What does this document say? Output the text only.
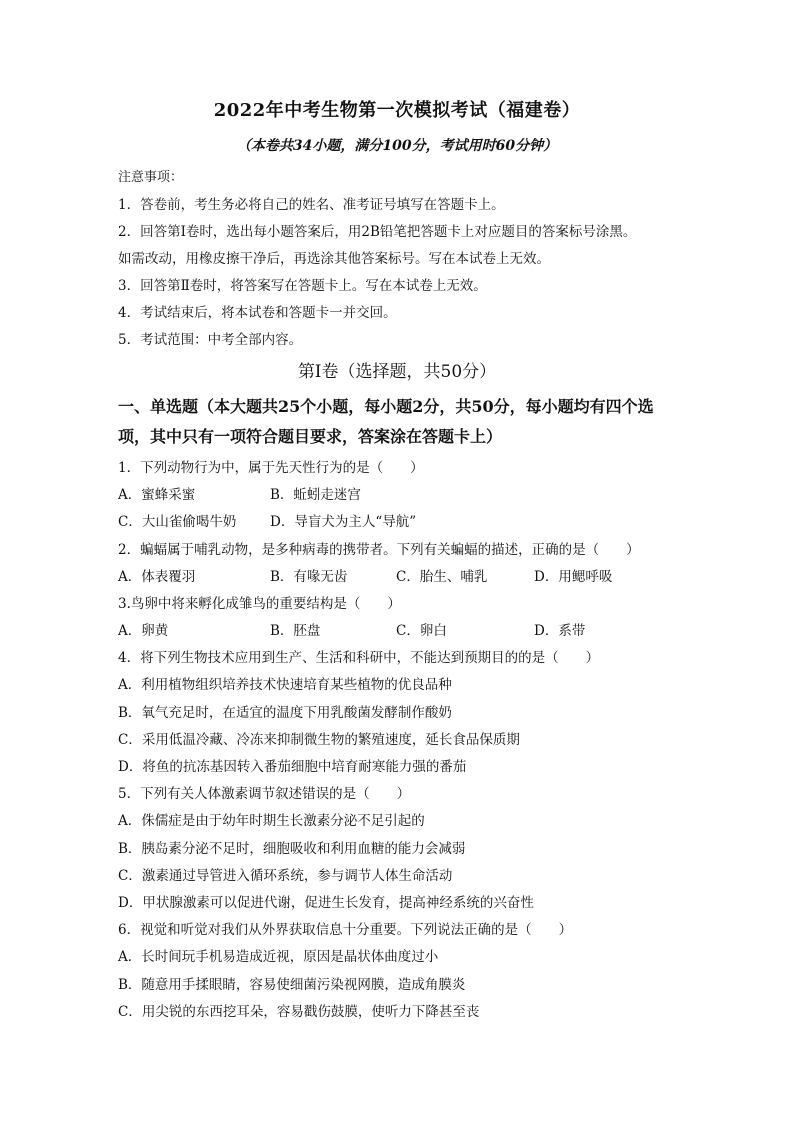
2022年中考生物第一次模拟考试（福建卷）
（本卷共34小题，满分100分，考试用时60分钟）
注意事项：
1．答卷前，考生务必将自己的姓名、准考证号填写在答题卡上。
2．回答第Ⅰ卷时，选出每小题答案后，用2B铅笔把答题卡上对应题目的答案标号涂黑。
如需改动，用橡皮擦干净后，再选涂其他答案标号。写在本试卷上无效。
3．回答第Ⅱ卷时，将答案写在答题卡上。写在本试卷上无效。
4．考试结束后，将本试卷和答题卡一并交回。
5．考试范围：中考全部内容。
第Ⅰ卷（选择题，共50分）
一、单选题（本大题共25个小题，每小题2分，共50分，每小题均有四个选
项，其中只有一项符合题目要求，答案涂在答题卡上）
1．下列动物行为中，属于先天性行为的是（　　）
A．蜜蜂采蜜	B．蚯蚓走迷宫
C．大山雀偷喝牛奶 D．导盲犬为主人“导航”
2．蝙蝠属于哺乳动物，是多种病毒的携带者。下列有关蝙蝠的描述，正确的是（　　）
A．体表覆羽	B．有喙无齿	C．胎生、哺乳	D．用鳃呼吸
3.鸟卵中将来孵化成雏鸟的重要结构是（　　）
A．卵黄	B．胚盘	C．卵白	D．系带
4．将下列生物技术应用到生产、生活和科研中，不能达到预期目的的是（　　）
A．利用植物组织培养技术快速培育某些植物的优良品种
B．氧气充足时，在适宜的温度下用乳酸菌发酵制作酸奶
C．采用低温冷藏、冷冻来抑制微生物的繁殖速度，延长食品保质期
D．将鱼的抗冻基因转入番茄细胞中培育耐寒能力强的番茄
5．下列有关人体激素调节叙述错误的是（　　）
A．侏儒症是由于幼年时期生长激素分泌不足引起的
B．胰岛素分泌不足时，细胞吸收和利用血糖的能力会减弱
C．激素通过导管进入循环系统，参与调节人体生命活动
D．甲状腺激素可以促进代谢，促进生长发育，提高神经系统的兴奋性
6．视觉和听觉对我们从外界获取信息十分重要。下列说法正确的是（　　）
A．长时间玩手机易造成近视，原因是晶状体曲度过小
B．随意用手揉眼睛，容易使细菌污染视网膜，造成角膜炎
C．用尖锐的东西挖耳朵，容易戳伤鼓膜，使听力下降甚至丧
